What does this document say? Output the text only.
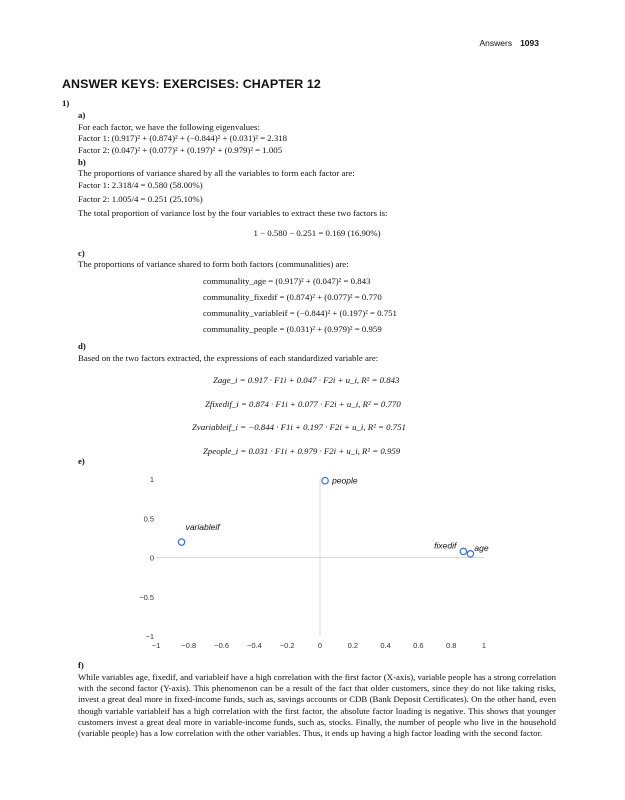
Answers 1093
ANSWER KEYS: EXERCISES: CHAPTER 12
1)
a)
For each factor, we have the following eigenvalues:
Factor 1: (0.917)² + (0.874)² + (−0.844)² + (0.031)² = 2.318
Factor 2: (0.047)² + (0.077)² + (0.197)² + (0.979)² = 1.005
b)
The proportions of variance shared by all the variables to form each factor are:
Factor 1: 2.318/4 = 0.580 (58.00%)
Factor 2: 1.005/4 = 0.251 (25.10%)
The total proportion of variance lost by the four variables to extract these two factors is:
1 − 0.580 − 0.251 = 0.169 (16.90%)
c)
The proportions of variance shared to form both factors (communalities) are:
communality_age = (0.917)² + (0.047)² = 0.843
communality_fixedif = (0.874)² + (0.077)² = 0.770
communality_variableif = (−0.844)² + (0.197)² = 0.751
communality_people = (0.031)² + (0.979)² = 0.959
d)
Based on the two factors extracted, the expressions of each standardized variable are:
Zage_i = 0.917 · F1i + 0.047 · F2i + u_i, R² = 0.843
Zfixedif_i = 0.874 · F1i + 0.077 · F2i + u_i, R² = 0.770
Zvariableif_i = −0.844 · F1i + 0.197 · F2i + u_i, R² = 0.751
Zpeople_i = 0.031 · F1i + 0.979 · F2i + u_i, R² = 0.959
e)
−1	−0.8 −0.6 −0.4 −0.2	0	0.2	0.4	0.6	0.8	1
1
0.5
0
−0.5
−1
age
fixedif
variableif
people
f)
While variables age, fixedif, and variableif have a high correlation with the first factor (X-axis), variable people has a strong correlation with the second factor (Y-axis). This phenomenon can be a result of the fact that older customers, since they do not like taking risks, invest a great deal more in fixed-income funds, such as, savings accounts or CDB (Bank Deposit Certificates). On the other hand, even though variable variableif has a high correlation with the first factor, the absolute factor loading is negative. This shows that younger customers invest a great deal more in variable-income funds, such as, stocks. Finally, the number of people who live in the household (variable people) has a low correlation with the other variables. Thus, it ends up having a high factor loading with the second factor.
